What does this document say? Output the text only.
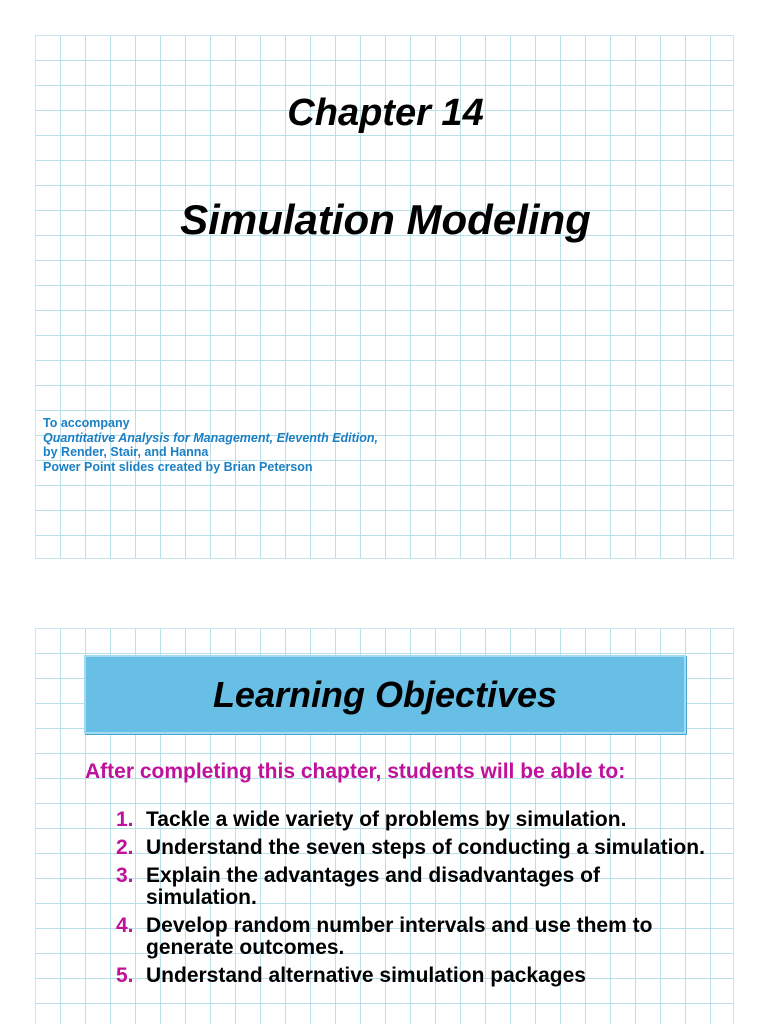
Chapter 14
Simulation Modeling
To accompany
Quantitative Analysis for Management, Eleventh Edition,
by Render, Stair, and Hanna
Power Point slides created by Brian Peterson
Learning Objectives
After completing this chapter, students will be able to:
1. Tackle a wide variety of problems by simulation.
2. Understand the seven steps of conducting a simulation.
3. Explain the advantages and disadvantages of simulation.
4. Develop random number intervals and use them to generate outcomes.
5. Understand alternative simulation packages
